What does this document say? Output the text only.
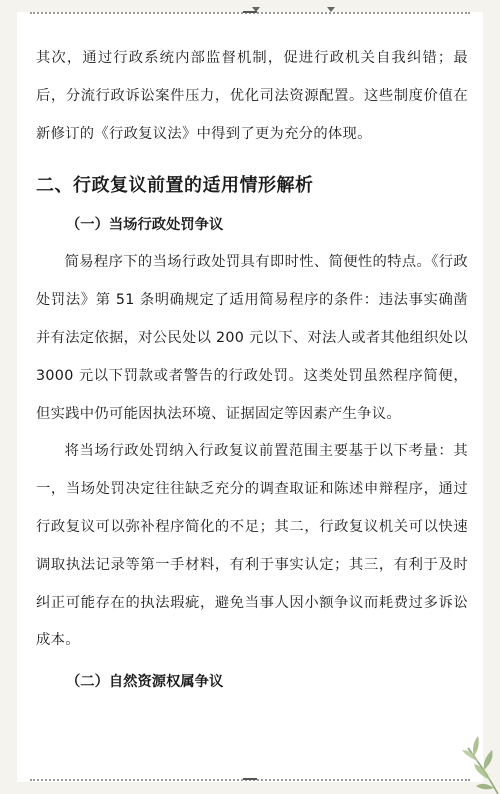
其次，通过行政系统内部监督机制，促进行政机关自我纠错；最后，分流行政诉讼案件压力，优化司法资源配置。这些制度价值在新修订的《行政复议法》中得到了更为充分的体现。

二、行政复议前置的适用情形解析
（一）当场行政处罚争议

简易程序下的当场行政处罚具有即时性、简便性的特点。《行政处罚法》第 51 条明确规定了适用简易程序的条件：违法事实确凿并有法定依据，对公民处以 200 元以下、对法人或者其他组织处以 3000 元以下罚款或者警告的行政处罚。这类处罚虽然程序简便，但实践中仍可能因执法环境、证据固定等因素产生争议。

将当场行政处罚纳入行政复议前置范围主要基于以下考量：其一，当场处罚决定往往缺乏充分的调查取证和陈述申辩程序，通过行政复议可以弥补程序简化的不足；其二，行政复议机关可以快速调取执法记录等第一手材料，有利于事实认定；其三，有利于及时纠正可能存在的执法瑕疵，避免当事人因小额争议而耗费过多诉讼成本。

（二）自然资源权属争议
